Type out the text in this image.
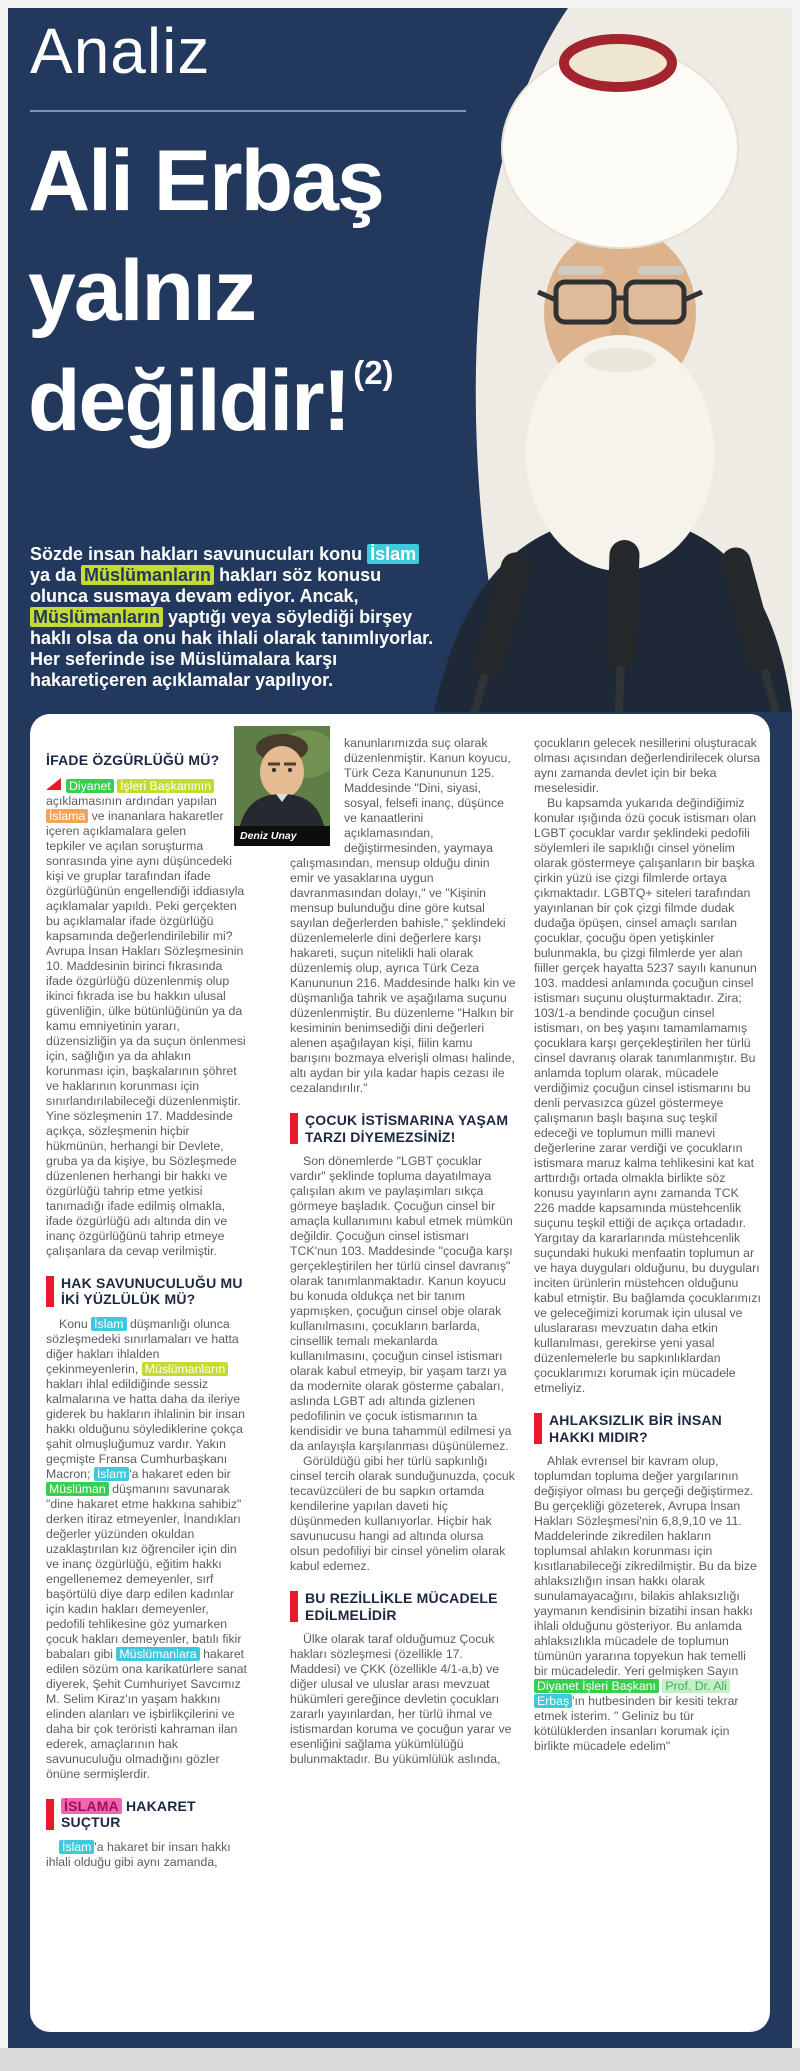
Analiz
Ali Erbaş
yalnız
değildir! $^{(2)}$

Sözde insan hakları savunucuları konu İslam ya da Müslümanların hakları söz konusu olunca susmaya devam ediyor. Ancak, Müslümanların yaptığı veya söylediği birşey haklı olsa da onu hak ihlali olarak tanımlıyorlar. Her seferinde ise Müslümalara karşı hakaretiçeren açıklamalar yapılıyor.

İFADE ÖZGÜRLÜĞÜ MÜ?

Diyanet İşleri Başkanının açıklamasının ardından yapılan İslama ve inananlara hakaretler içeren açıklamalara gelen tepkiler ve açılan soruşturma sonrasında yine aynı düşüncedeki kişi ve gruplar tarafından ifade özgürlüğünün engellendiği iddiasıyla açıklamalar yapıldı. Peki gerçekten bu açıklamalar ifade özgürlüğü kapsamında değerlendirilebilir mi? Avrupa İnsan Hakları Sözleşmesinin 10. Maddesinin birinci fıkrasında ifade özgürlüğü düzenlenmiş olup ikinci fıkrada ise bu hakkın ulusal güvenliğin, ülke bütünlüğünün ya da kamu emniyetinin yararı, düzensizliğin ya da suçun önlenmesi için, sağlığın ya da ahlakın korunması için, başkalarının şöhret ve haklarının korunması için sınırlandırılabileceği düzenlenmiştir. Yine sözleşmenin 17. Maddesinde açıkça, sözleşmenin hiçbir hükmünün, herhangi bir Devlete, gruba ya da kişiye, bu Sözleşmede düzenlenen herhangi bir hakkı ve özgürlüğü tahrip etme yetkisi tanımadığı ifade edilmiş olmakla, ifade özgürlüğü adı altında din ve inanç özgürlüğünü tahrip etmeye çalışanlara da cevap verilmiştir.

HAK SAVUNUCULUĞU MU İKİ YÜZLÜLÜK MÜ?

Konu İslam düşmanlığı olunca sözleşmedeki sınırlamaları ve hatta diğer hakları ihlalden çekinmeyenlerin, Müslümanların hakları ihlal edildiğinde sessiz kalmalarına ve hatta daha da ileriye giderek bu hakların ihlalinin bir insan hakkı olduğunu söylediklerine çokça şahit olmuşluğumuz vardır. Yakın geçmişte Fransa Cumhurbaşkanı Macron; İslam 'a hakaret eden bir Müslüman düşmanını savunarak "dine hakaret etme hakkına sahibiz" derken itiraz etmeyenler, İnandıkları değerler yüzünden okuldan uzaklaştırılan kız öğrenciler için din ve inanç özgürlüğü, eğitim hakkı engellenemez demeyenler, sırf başörtülü diye darp edilen kadınlar için kadın hakları demeyenler, pedofili tehlikesine göz yumarken çocuk hakları demeyenler, batılı fikir babaları gibi Müslümanlara hakaret edilen sözüm ona karikatürlere sanat diyerek, Şehit Cumhuriyet Savcımız M. Selim Kiraz'ın yaşam hakkını elinden alanları ve işbirlikçilerini ve daha bir çok teröristi kahraman ilan ederek, amaçlarının hak savunuculuğu olmadığını gözler önüne sermişlerdir.

İSLAMA HAKARET SUÇTUR

İslam 'a hakaret bir insan hakkı ihlali olduğu gibi aynı zamanda,

kanunlarımızda suç olarak düzenlenmiştir. Kanun koyucu, Türk Ceza Kanununun 125. Maddesinde "Dini, siyasi, sosyal, felsefi inanç, düşünce ve kanaatlerini açıklamasından, değiştirmesinden, yaymaya çalışmasından, mensup olduğu dinin emir ve yasaklarına uygun davranmasından dolayı," ve "Kişinin mensup bulunduğu dine göre kutsal sayılan değerlerden bahisle," şeklindeki düzenlemelerle dini değerlere karşı hakareti, suçun nitelikli hali olarak düzenlemiş olup, ayrıca Türk Ceza Kanununun 216. Maddesinde halkı kin ve düşmanlığa tahrik ve aşağılama suçunu düzenlenmiştir. Bu düzenleme "Halkın bir kesiminin benimsediği dini değerleri alenen aşağılayan kişi, fiilin kamu barışını bozmaya elverişli olması halinde, altı aydan bir yıla kadar hapis cezası ile cezalandırılır."

ÇOCUK İSTİSMARINA YAŞAM TARZI DİYEMEZSİNİZ!

Son dönemlerde "LGBT çocuklar vardır" şeklinde topluma dayatılmaya çalışılan akım ve paylaşımları sıkça görmeye başladık. Çocuğun cinsel bir amaçla kullanımını kabul etmek mümkün değildir. Çocuğun cinsel istismarı TCK'nun 103. Maddesinde "çocuğa karşı gerçekleştirilen her türlü cinsel davranış" olarak tanımlanmaktadır. Kanun koyucu bu konuda oldukça net bir tanım yapmışken, çocuğun cinsel obje olarak kullanılmasını, çocukların barlarda, cinsellik temalı mekanlarda kullanılmasını, çocuğun cinsel istismarı olarak kabul etmeyip, bir yaşam tarzı ya da modernite olarak gösterme çabaları, aslında LGBT adı altında gizlenen pedofilinin ve çocuk istismarının ta kendisidir ve buna tahammül edilmesi ya da anlayışla karşılanması düşünülemez.

Görüldüğü gibi her türlü sapkınlığı cinsel tercih olarak sunduğunuzda, çocuk tecavüzcüleri de bu sapkın ortamda kendilerine yapılan daveti hiç düşünmeden kullanıyorlar. Hiçbir hak savunucusu hangi ad altında olursa olsun pedofiliyi bir cinsel yönelim olarak kabul edemez.

BU REZİLLİKLE MÜCADELE EDİLMELİDİR

Ülke olarak taraf olduğumuz Çocuk hakları sözleşmesi (özellikle 17. Maddesi) ve ÇKK (özellikle 4/1-a,b) ve diğer ulusal ve uluslar arası mevzuat hükümleri gereğince devletin çocukları zararlı yayınlardan, her türlü ihmal ve istismardan koruma ve çocuğun yarar ve esenliğini sağlama yükümlülüğü bulunmaktadır. Bu yükümlülük aslında,

çocukların gelecek nesillerini oluşturacak olması açısından değerlendirilecek olursa aynı zamanda devlet için bir beka meselesidir.

Bu kapsamda yukarıda değindiğimiz konular ışığında özü çocuk istismarı olan LGBT çocuklar vardır şeklindeki pedofili söylemleri ile sapıklığı cinsel yönelim olarak göstermeye çalışanların bir başka çirkin yüzü ise çizgi filmlerde ortaya çıkmaktadır. LGBTQ+ siteleri tarafından yayınlanan bir çok çizgi filmde dudak dudağa öpüşen, cinsel amaçlı sarılan çocuklar, çocuğu öpen yetişkinler bulunmakla, bu çizgi filmlerde yer alan fiiller gerçek hayatta 5237 sayılı kanunun 103. maddesi anlamında çocuğun cinsel istismarı suçunu oluşturmaktadır. Zira; 103/1-a bendinde çocuğun cinsel istismarı, on beş yaşını tamamlamamış çocuklara karşı gerçekleştirilen her türlü cinsel davranış olarak tanımlanmıştır. Bu anlamda toplum olarak, mücadele verdiğimiz çocuğun cinsel istismarını bu denli pervasızca güzel göstermeye çalışmanın başlı başına suç teşkil edeceği ve toplumun milli manevi değerlerine zarar verdiği ve çocukların istismara maruz kalma tehlikesini kat kat arttırdığı ortada olmakla birlikte söz konusu yayınların aynı zamanda TCK 226 madde kapsamında müstehcenlik suçunu teşkil ettiği de açıkça ortadadır. Yargıtay da kararlarında müstehcenlik suçundaki hukuki menfaatin toplumun ar ve haya duyguları olduğunu, bu duyguları inciten ürünlerin müstehcen olduğunu kabul etmiştir. Bu bağlamda çocuklarımızı ve geleceğimizi korumak için ulusal ve uluslararası mevzuatın daha etkin kullanılması, gerekirse yeni yasal düzenlemelerle bu sapkınlıklardan çocuklarımızı korumak için mücadele etmeliyiz.

AHLAKSIZLIK BİR İNSAN HAKKI MIDIR?

Ahlak evrensel bir kavram olup, toplumdan topluma değer yargılarının değişiyor olması bu gerçeği değiştirmez. Bu gerçekliği gözeterek, Avrupa İnsan Hakları Sözleşmesi'nin 6,8,9,10 ve 11. Maddelerinde zikredilen hakların toplumsal ahlakın korunması için kısıtlanabileceği zikredilmiştir. Bu da bize ahlaksızlığın insan hakkı olarak sunulamayacağını, bilakis ahlaksızlığı yaymanın kendisinin bizatihi insan hakkı ihlali olduğunu gösteriyor. Bu anlamda ahlaksızlıkla mücadele de toplumun tümünün yararına topyekun hak temelli bir mücadeledir. Yeri gelmişken Sayın Diyanet İşleri Başkanı Prof. Dr. Ali Erbaş 'ın hutbesinden bir kesiti tekrar etmek isterim. " Geliniz bu tür kötülüklerden insanları korumak için birlikte mücadele edelim"

Deniz Unay
